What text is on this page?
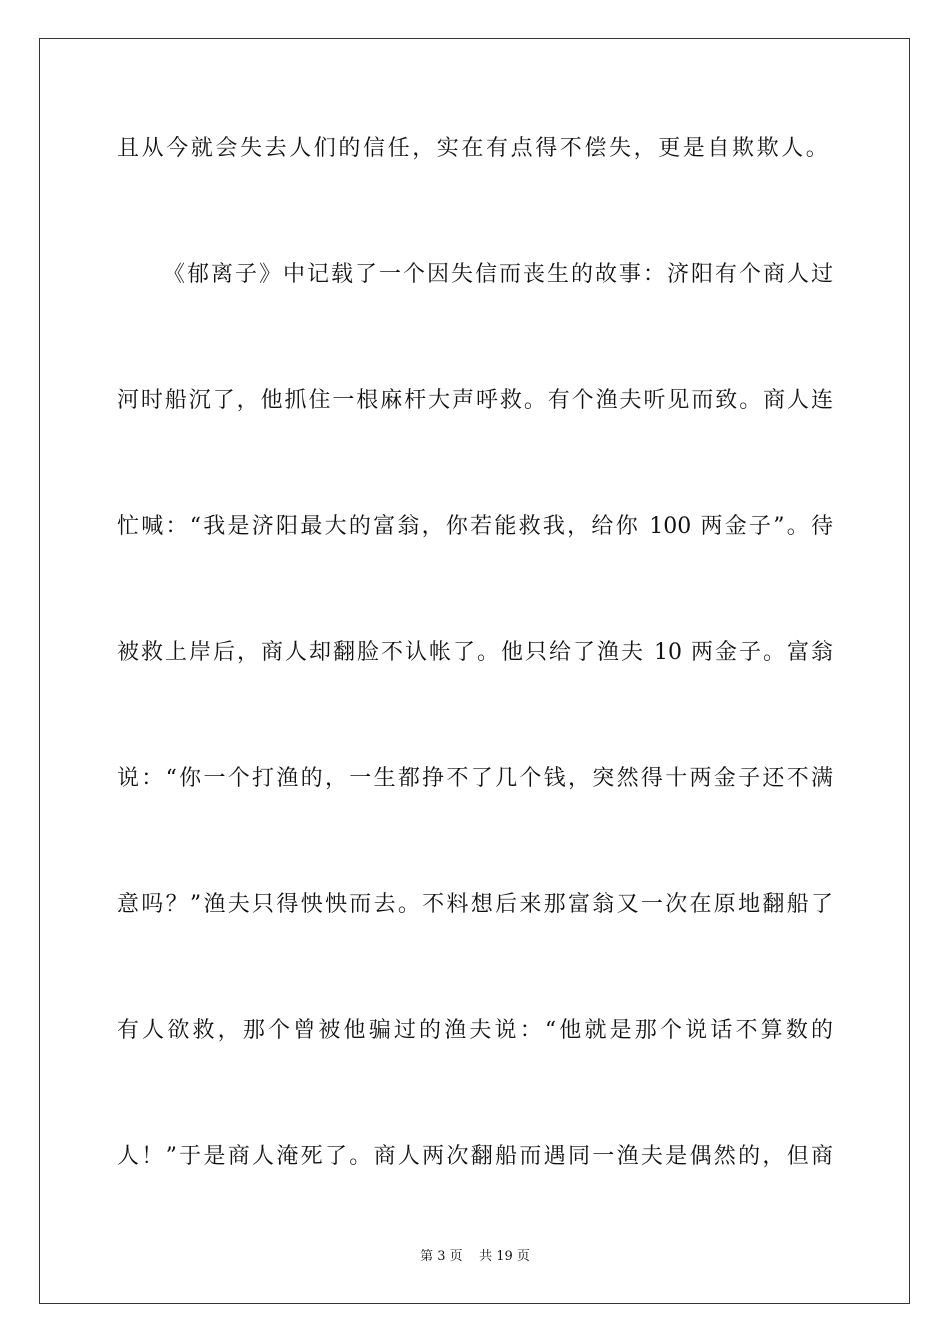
且从今就会失去人们的信任，实在有点得不偿失，更是自欺欺人。
《郁离子》中记载了一个因失信而丧生的故事：济阳有个商人过
河时船沉了，他抓住一根麻杆大声呼救。有个渔夫听见而致。商人连
忙喊：“我是济阳最大的富翁，你若能救我，给你 100 两金子”。待
被救上岸后，商人却翻脸不认帐了。他只给了渔夫 10 两金子。富翁
说：“你一个打渔的，一生都挣不了几个钱，突然得十两金子还不满
意吗？”渔夫只得怏怏而去。不料想后来那富翁又一次在原地翻船了
有人欲救，那个曾被他骗过的渔夫说：“他就是那个说话不算数的
人！”于是商人淹死了。商人两次翻船而遇同一渔夫是偶然的，但商
第 3 页    共 19 页
